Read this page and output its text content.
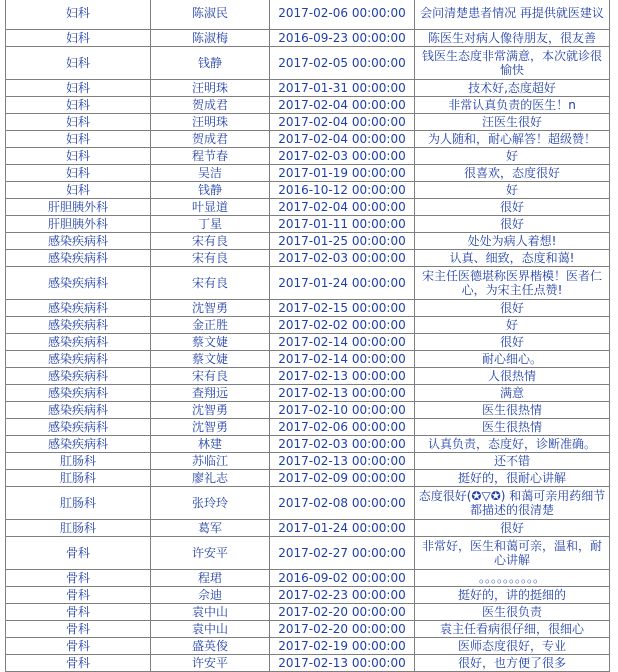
妇科	陈淑民	2017-02-06 00:00:00	会问清楚患者情况 再提供就医建议
妇科	陈淑梅	2016-09-23 00:00:00	陈医生对病人像待朋友，很友善
妇科	钱静	2017-02-05 00:00:00	钱医生态度非常满意，本次就诊很愉快
妇科	汪明珠	2017-01-31 00:00:00	技术好,态度超好
妇科	贺成君	2017-02-04 00:00:00	非常认真负责的医生！n
妇科	汪明珠	2017-02-04 00:00:00	汪医生很好
妇科	贺成君	2017-02-04 00:00:00	为人随和，耐心解答！超级赞！
妇科	程节春	2017-02-03 00:00:00	好
妇科	吴洁	2017-01-19 00:00:00	很喜欢，态度很好
妇科	钱静	2016-10-12 00:00:00	好
肝胆胰外科	叶显道	2017-02-04 00:00:00	很好
肝胆胰外科	丁星	2017-01-11 00:00:00	很好
感染疾病科	宋有良	2017-01-25 00:00:00	处处为病人着想!
感染疾病科	宋有良	2017-02-03 00:00:00	认真、细致，态度和蔼!
感染疾病科	宋有良	2017-01-24 00:00:00	宋主任医德堪称医界楷模！医者仁心，为宋主任点赞!
感染疾病科	沈智勇	2017-02-15 00:00:00	很好
感染疾病科	金正胜	2017-02-02 00:00:00	好
感染疾病科	蔡文婕	2017-02-14 00:00:00	很好
感染疾病科	蔡文婕	2017-02-14 00:00:00	耐心细心。
感染疾病科	宋有良	2017-02-13 00:00:00	人很热情
感染疾病科	查翔远	2017-02-13 00:00:00	满意
感染疾病科	沈智勇	2017-02-10 00:00:00	医生很热情
感染疾病科	沈智勇	2017-02-06 00:00:00	医生很热情
感染疾病科	林建	2017-02-03 00:00:00	认真负责，态度好，诊断准确。
肛肠科	苏临江	2017-02-13 00:00:00	还不错
肛肠科	廖礼志	2017-02-09 00:00:00	挺好的，很耐心讲解
肛肠科	张玲玲	2017-02-08 00:00:00	态度很好(✪▽✪) 和蔼可亲用药细节都描述的很清楚
肛肠科	葛军	2017-01-24 00:00:00	很好
骨科	许安平	2017-02-27 00:00:00	非常好，医生和蔼可亲，温和，耐心讲解
骨科	程珺	2016-09-02 00:00:00	。。。。。。。。。。
骨科	佘迪	2017-02-23 00:00:00	挺好的，讲的挺细的
骨科	袁中山	2017-02-20 00:00:00	医生很负责
骨科	袁中山	2017-02-20 00:00:00	袁主任看病很仔细，很细心
骨科	盛英俊	2017-02-19 00:00:00	医师态度很好，专业
骨科	许安平	2017-02-13 00:00:00	很好，也方便了很多
